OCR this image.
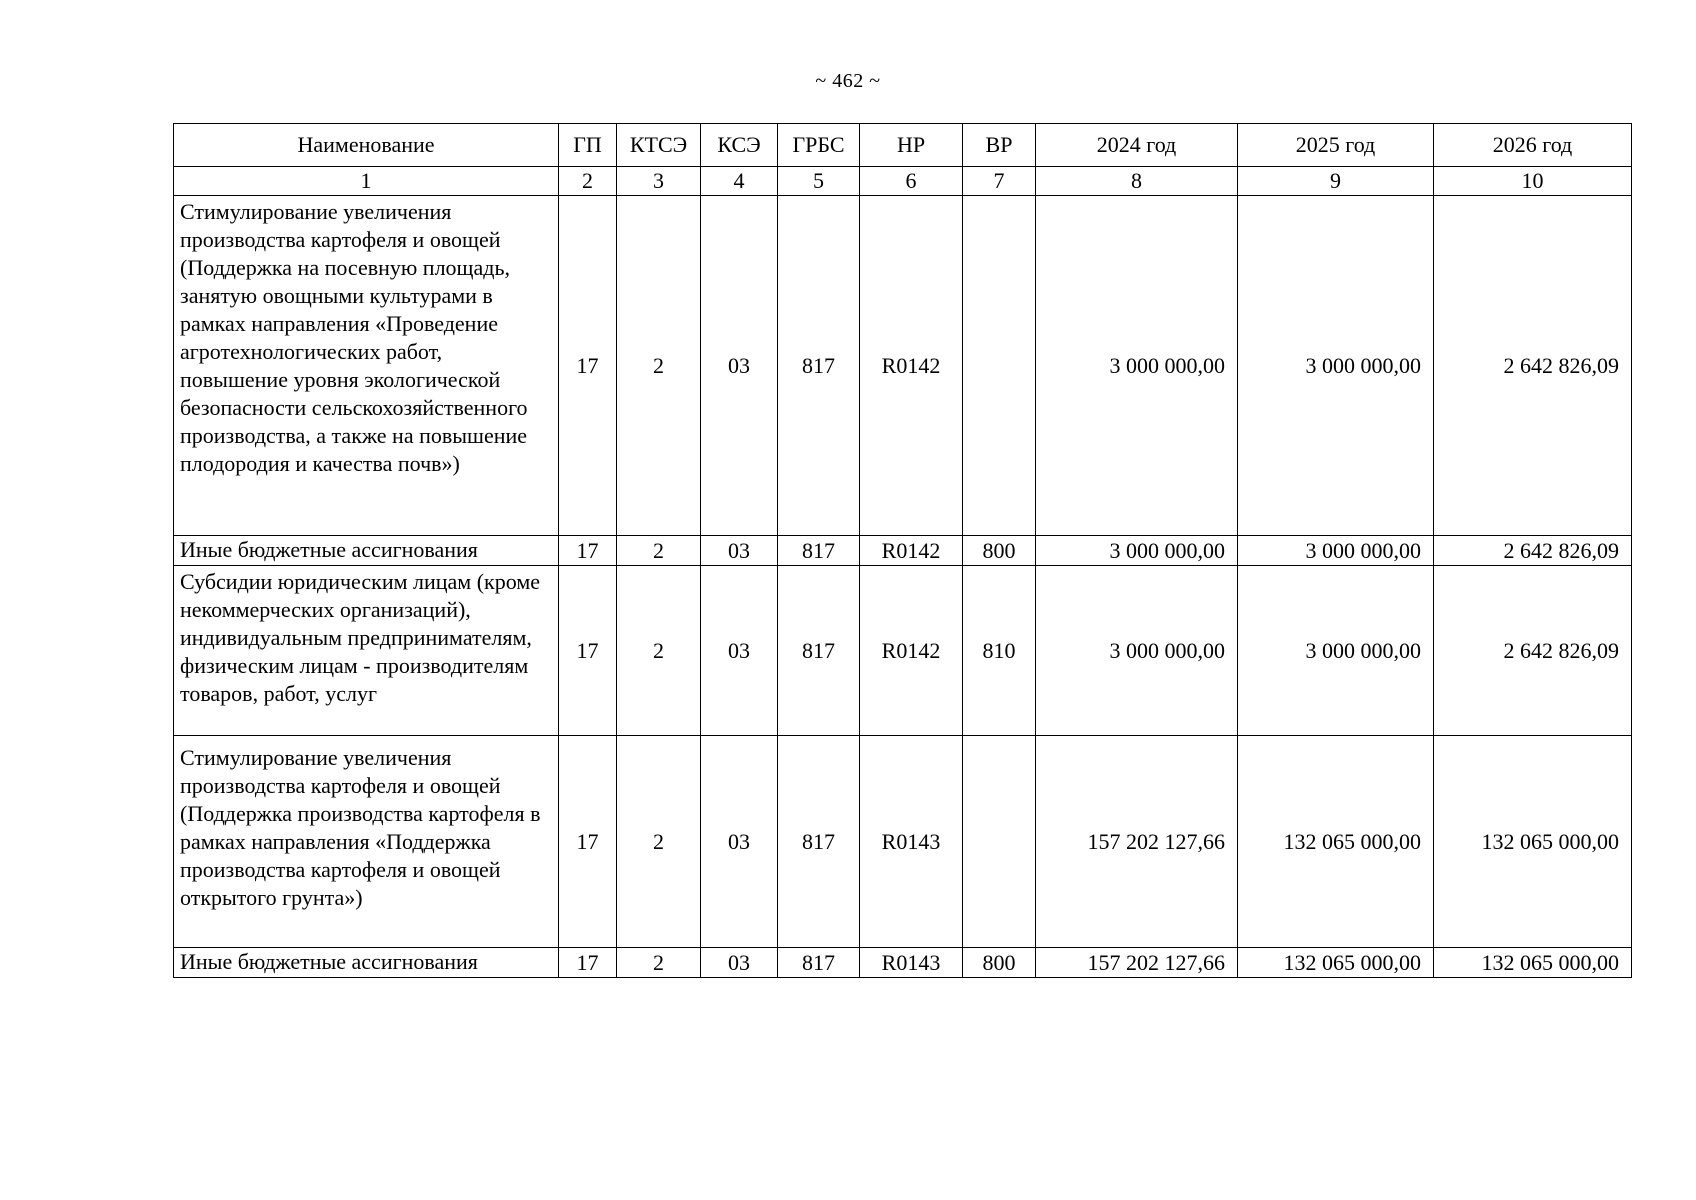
~ 462 ~
Наименование	ГП	КТСЭ	КСЭ	ГРБС	НР	ВР	2024 год	2025 год	2026 год
1	2	3	4	5	6	7	8	9	10
Стимулирование увеличения производства картофеля и овощей (Поддержка на посевную площадь, занятую овощными культурами в рамках направления «Проведение агротехнологических работ, повышение уровня экологической безопасности сельскохозяйственного производства, а также на повышение плодородия и качества почв»)	17	2	03	817	R0142		3 000 000,00	3 000 000,00	2 642 826,09
Иные бюджетные ассигнования	17	2	03	817	R0142	800	3 000 000,00	3 000 000,00	2 642 826,09
Субсидии юридическим лицам (кроме некоммерческих организаций), индивидуальным предпринимателям, физическим лицам - производителям товаров, работ, услуг	17	2	03	817	R0142	810	3 000 000,00	3 000 000,00	2 642 826,09
Стимулирование увеличения производства картофеля и овощей (Поддержка производства картофеля в рамках направления «Поддержка производства картофеля и овощей открытого грунта»)	17	2	03	817	R0143		157 202 127,66	132 065 000,00	132 065 000,00
Иные бюджетные ассигнования	17	2	03	817	R0143	800	157 202 127,66	132 065 000,00	132 065 000,00
